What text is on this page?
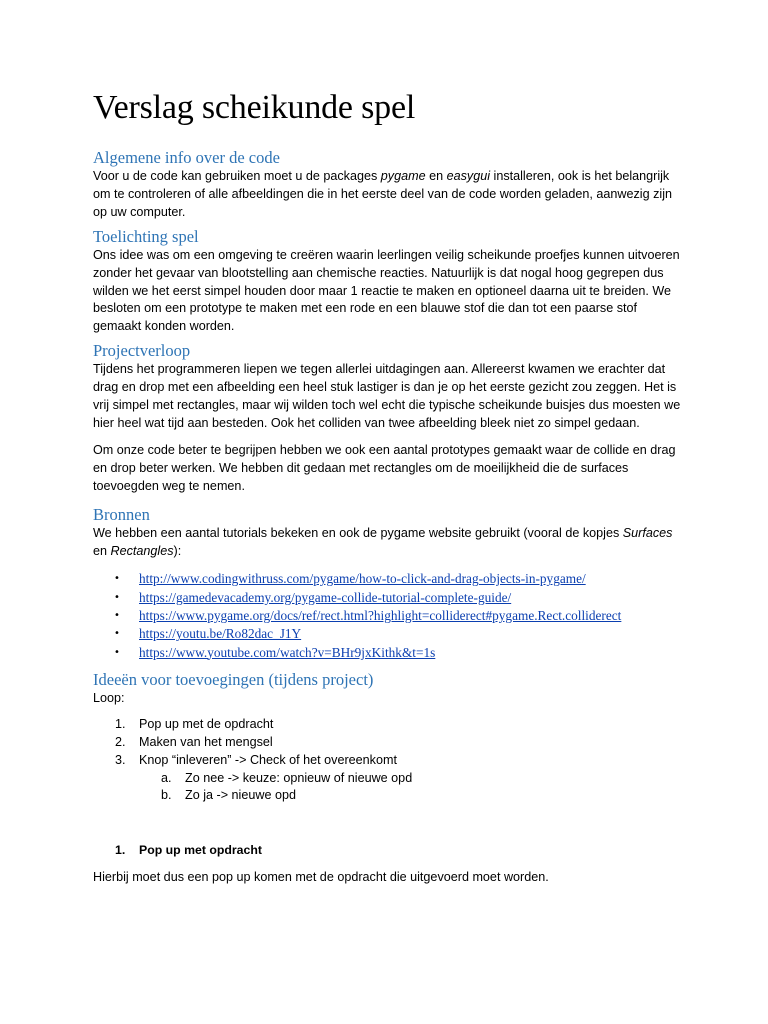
Verslag scheikunde spel
Algemene info over de code

Voor u de code kan gebruiken moet u de packages pygame en easygui installeren, ook is het belangrijk om te controleren of alle afbeeldingen die in het eerste deel van de code worden geladen, aanwezig zijn op uw computer.

Toelichting spel

Ons idee was om een omgeving te creëren waarin leerlingen veilig scheikunde proefjes kunnen uitvoeren zonder het gevaar van blootstelling aan chemische reacties. Natuurlijk is dat nogal hoog gegrepen dus wilden we het eerst simpel houden door maar 1 reactie te maken en optioneel daarna uit te breiden. We besloten om een prototype te maken met een rode en een blauwe stof die dan tot een paarse stof gemaakt konden worden.

Projectverloop

Tijdens het programmeren liepen we tegen allerlei uitdagingen aan. Allereerst kwamen we erachter dat drag en drop met een afbeelding een heel stuk lastiger is dan je op het eerste gezicht zou zeggen. Het is vrij simpel met rectangles, maar wij wilden toch wel echt die typische scheikunde buisjes dus moesten we hier heel wat tijd aan besteden. Ook het colliden van twee afbeelding bleek niet zo simpel gedaan.

Om onze code beter te begrijpen hebben we ook een aantal prototypes gemaakt waar de collide en drag en drop beter werken. We hebben dit gedaan met rectangles om de moeilijkheid die de surfaces toevoegden weg te nemen.

Bronnen

We hebben een aantal tutorials bekeken en ook de pygame website gebruikt (vooral de kopjes Surfaces en Rectangles):

• http://www.codingwithruss.com/pygame/how-to-click-and-drag-objects-in-pygame/
• https://gamedevacademy.org/pygame-collide-tutorial-complete-guide/
• https://www.pygame.org/docs/ref/rect.html?highlight=colliderect#pygame.Rect.colliderect
• https://youtu.be/Ro82dac_J1Y
• https://www.youtube.com/watch?v=BHr9jxKithk&t=1s
Ideeën voor toevoegingen (tijdens project)

Loop:

1. Pop up met de opdracht
2. Maken van het mengsel
3. Knop “inleveren” -> Check of het overeenkomt
a. Zo nee -> keuze: opnieuw of nieuwe opd
b. Zo ja -> nieuwe opd
1. Pop up met opdracht

Hierbij moet dus een pop up komen met de opdracht die uitgevoerd moet worden.
